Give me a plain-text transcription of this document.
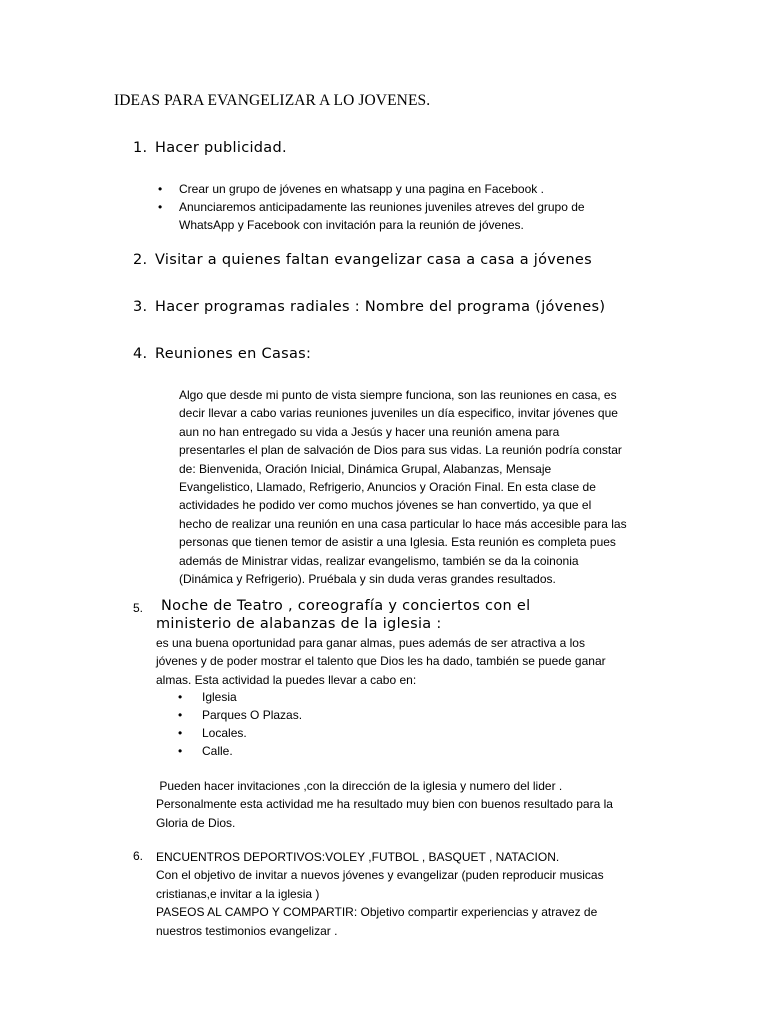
IDEAS PARA EVANGELIZAR A LO JOVENES.
1. Hacer publicidad.
• Crear un grupo de jóvenes en whatsapp y una pagina en Facebook .
• Anunciaremos anticipadamente las reuniones juveniles atreves del grupo de
WhatsApp y Facebook con invitación para la reunión de jóvenes.
2. Visitar a quienes faltan evangelizar casa a casa a jóvenes
3. Hacer programas radiales : Nombre del programa (jóvenes)
4. Reuniones en Casas:
Algo que desde mi punto de vista siempre funciona, son las reuniones en casa, es
decir llevar a cabo varias reuniones juveniles un día especifico, invitar jóvenes que
aun no han entregado su vida a Jesús y hacer una reunión amena para
presentarles el plan de salvación de Dios para sus vidas. La reunión podría constar
de: Bienvenida, Oración Inicial, Dinámica Grupal, Alabanzas, Mensaje
Evangelistico, Llamado, Refrigerio, Anuncios y Oración Final. En esta clase de
actividades he podido ver como muchos jóvenes se han convertido, ya que el
hecho de realizar una reunión en una casa particular lo hace más accesible para las
personas que tienen temor de asistir a una Iglesia. Esta reunión es completa pues
además de Ministrar vidas, realizar evangelismo, también se da la coinonia
(Dinámica y Refrigerio). Pruébala y sin duda veras grandes resultados.
5. Noche de Teatro , coreografía y conciertos con el
ministerio de alabanzas de la iglesia :
es una buena oportunidad para ganar almas, pues además de ser atractiva a los
jóvenes y de poder mostrar el talento que Dios les ha dado, también se puede ganar
almas. Esta actividad la puedes llevar a cabo en:
• Iglesia
• Parques O Plazas.
• Locales.
• Calle.
Pueden hacer invitaciones ,con la dirección de la iglesia y numero del lider .
Personalmente esta actividad me ha resultado muy bien con buenos resultado para la
Gloria de Dios.
6. ENCUENTROS DEPORTIVOS:VOLEY ,FUTBOL , BASQUET , NATACION.
Con el objetivo de invitar a nuevos jóvenes y evangelizar (puden reproducir musicas
cristianas,e invitar a la iglesia )
PASEOS AL CAMPO Y COMPARTIR: Objetivo compartir experiencias y atravez de
nuestros testimonios evangelizar .
